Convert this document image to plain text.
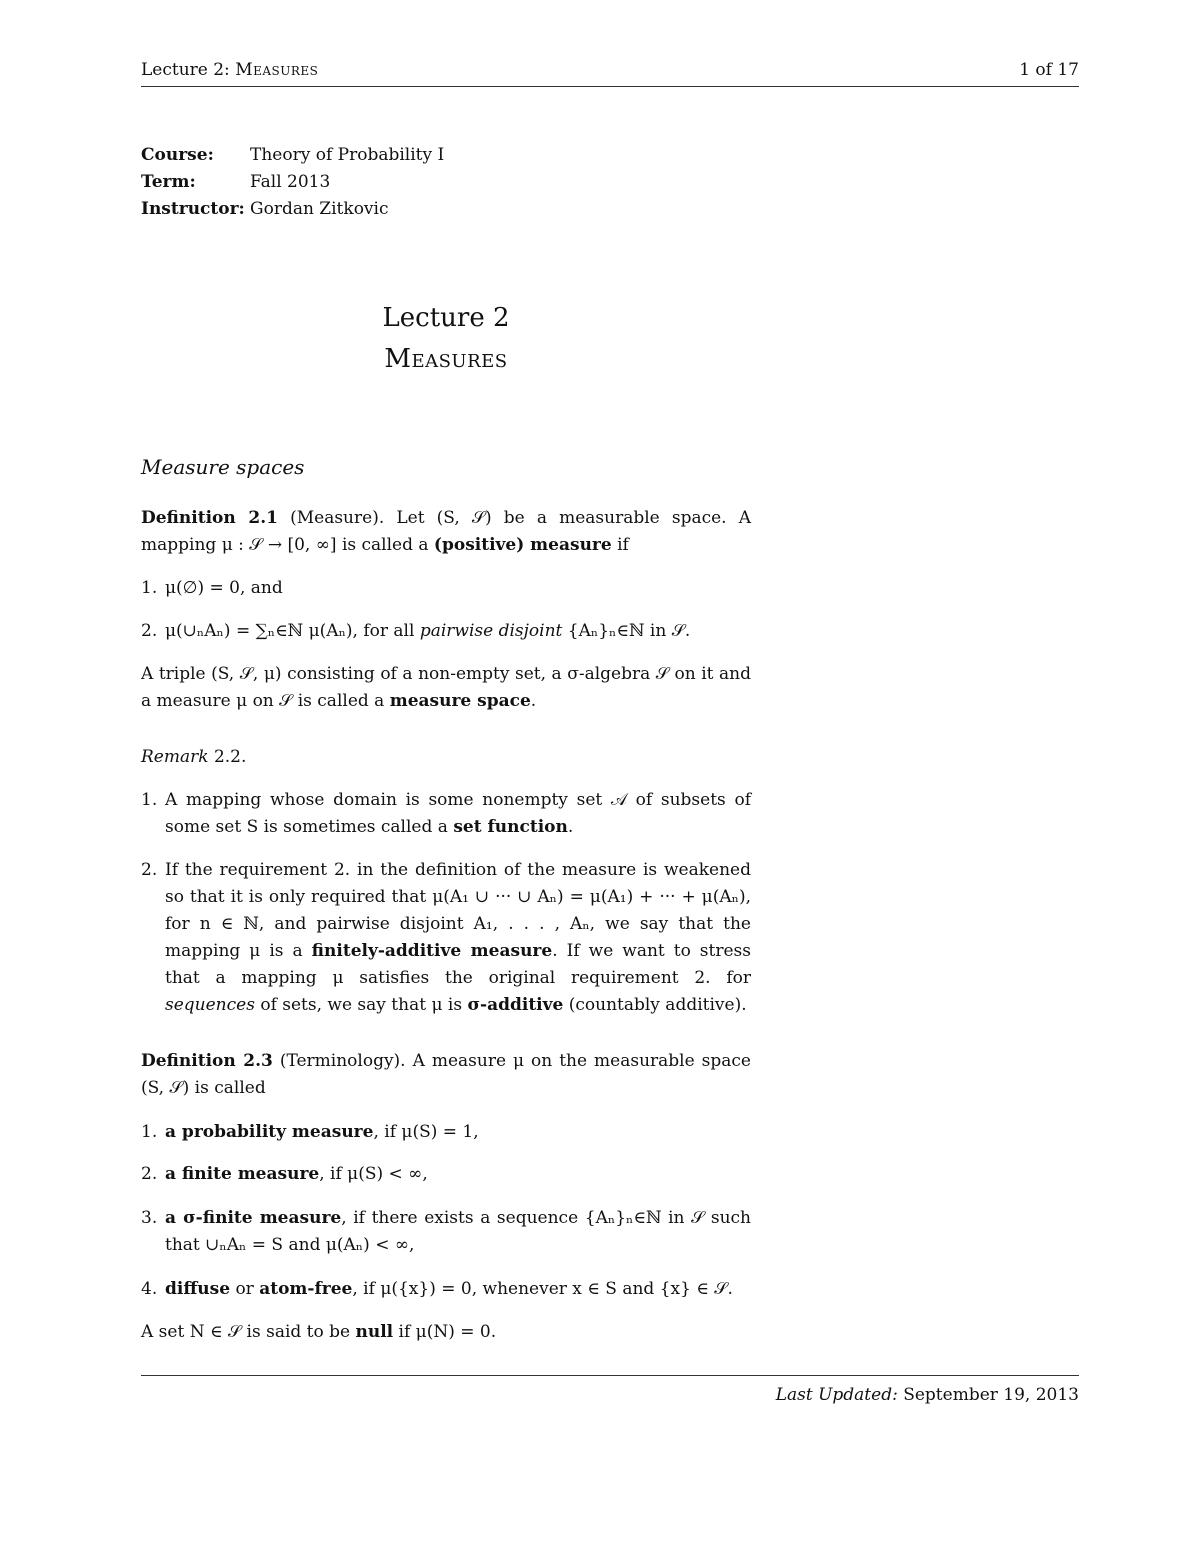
Lecture 2: Measures	1 of 17
Course: Theory of Probability I
Term:	Fall 2013
Instructor: Gordan Zitkovic
Lecture 2
Measures
Measure spaces
Definition 2.1 (Measure). Let (S, 𝒮) be a measurable space. A mapping μ : 𝒮 → [0, ∞] is called a (positive) measure if
1. μ(∅) = 0, and
2. μ(∪ₙAₙ) = ∑ₙ∈ℕ μ(Aₙ), for all pairwise disjoint {Aₙ}ₙ∈ℕ in 𝒮.
A triple (S, 𝒮, μ) consisting of a non-empty set, a σ-algebra 𝒮 on it and a measure μ on 𝒮 is called a measure space.
Remark 2.2.
1. A mapping whose domain is some nonempty set 𝒜 of subsets of some set S is sometimes called a set function.
2. If the requirement 2. in the definition of the measure is weakened so that it is only required that μ(A₁ ∪ ··· ∪ Aₙ) = μ(A₁) + ··· + μ(Aₙ), for n ∈ ℕ, and pairwise disjoint A₁, . . . , Aₙ, we say that the mapping μ is a finitely-additive measure. If we want to stress that a mapping μ satisfies the original requirement 2. for sequences of sets, we say that μ is σ-additive (countably additive).
Definition 2.3 (Terminology). A measure μ on the measurable space (S, 𝒮) is called
1. a probability measure, if μ(S) = 1,
2. a finite measure, if μ(S) < ∞,
3. a σ-finite measure, if there exists a sequence {Aₙ}ₙ∈ℕ in 𝒮 such that ∪ₙAₙ = S and μ(Aₙ) < ∞,
4. diffuse or atom-free, if μ({x}) = 0, whenever x ∈ S and {x} ∈ 𝒮.
A set N ∈ 𝒮 is said to be null if μ(N) = 0.
Last Updated: September 19, 2013
